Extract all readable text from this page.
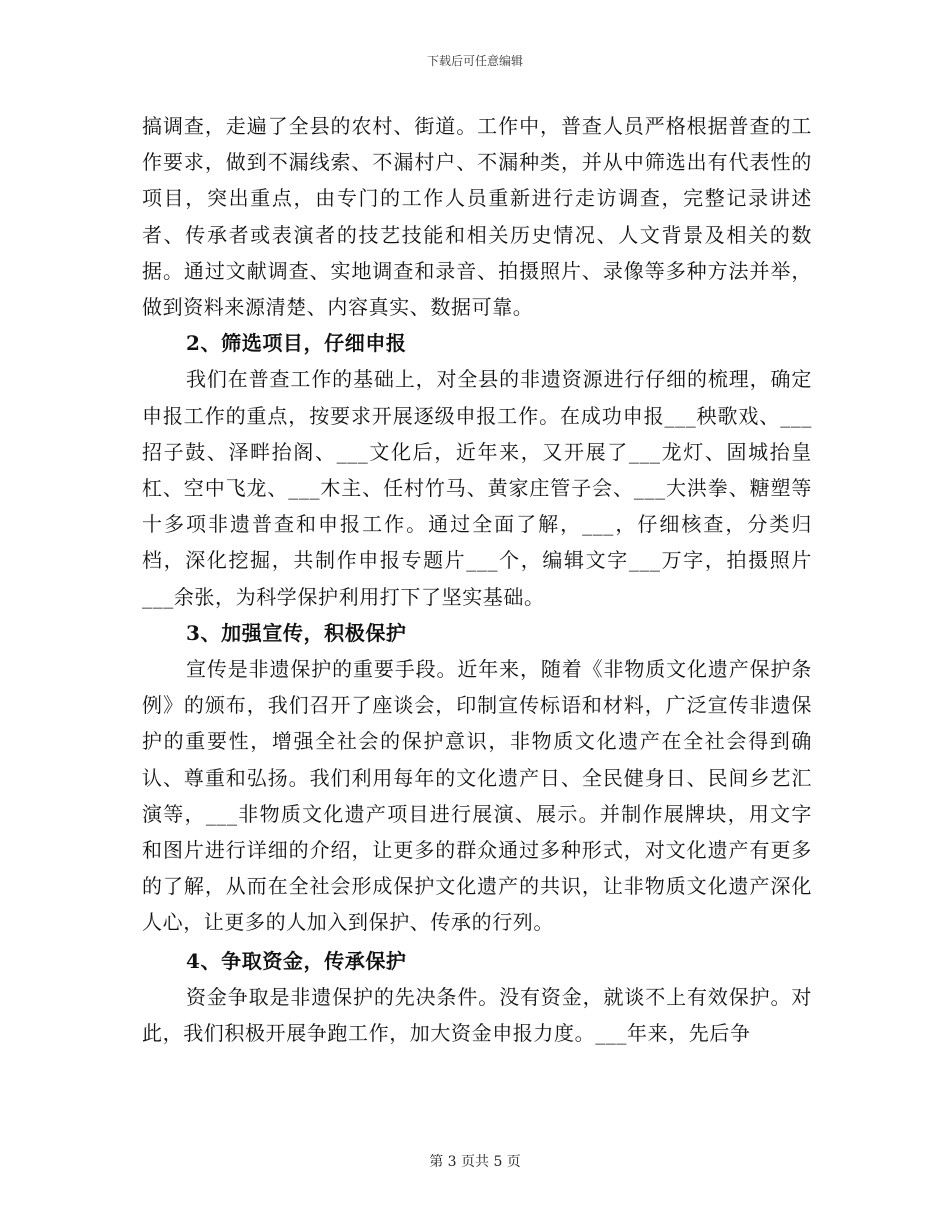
下载后可任意编辑

搞调查，走遍了全县的农村、街道。工作中，普查人员严格根据普查的工作要求，做到不漏线索、不漏村户、不漏种类，并从中筛选出有代表性的项目，突出重点，由专门的工作人员重新进行走访调查，完整记录讲述者、传承者或表演者的技艺技能和相关历史情况、人文背景及相关的数据。通过文献调查、实地调查和录音、拍摄照片、录像等多种方法并举，做到资料来源清楚、内容真实、数据可靠。

2、筛选项目，仔细申报

我们在普查工作的基础上，对全县的非遗资源进行仔细的梳理，确定申报工作的重点，按要求开展逐级申报工作。在成功申报___秧歌戏、___招子鼓、泽畔抬阁、___文化后，近年来，又开展了___龙灯、固城抬皇杠、空中飞龙、___木主、任村竹马、黄家庄管子会、___大洪拳、糖塑等十多项非遗普查和申报工作。通过全面了解，___，仔细核查，分类归档，深化挖掘，共制作申报专题片___个，编辑文字___万字，拍摄照片___余张，为科学保护利用打下了坚实基础。

3、加强宣传，积极保护

宣传是非遗保护的重要手段。近年来，随着《非物质文化遗产保护条例》的颁布，我们召开了座谈会，印制宣传标语和材料，广泛宣传非遗保护的重要性，增强全社会的保护意识，非物质文化遗产在全社会得到确认、尊重和弘扬。我们利用每年的文化遗产日、全民健身日、民间乡艺汇演等，___非物质文化遗产项目进行展演、展示。并制作展牌块，用文字和图片进行详细的介绍，让更多的群众通过多种形式，对文化遗产有更多的了解，从而在全社会形成保护文化遗产的共识，让非物质文化遗产深化人心，让更多的人加入到保护、传承的行列。

4、争取资金，传承保护

资金争取是非遗保护的先决条件。没有资金，就谈不上有效保护。对此，我们积极开展争跑工作，加大资金申报力度。___年来，先后争

第 3 页共 5 页
